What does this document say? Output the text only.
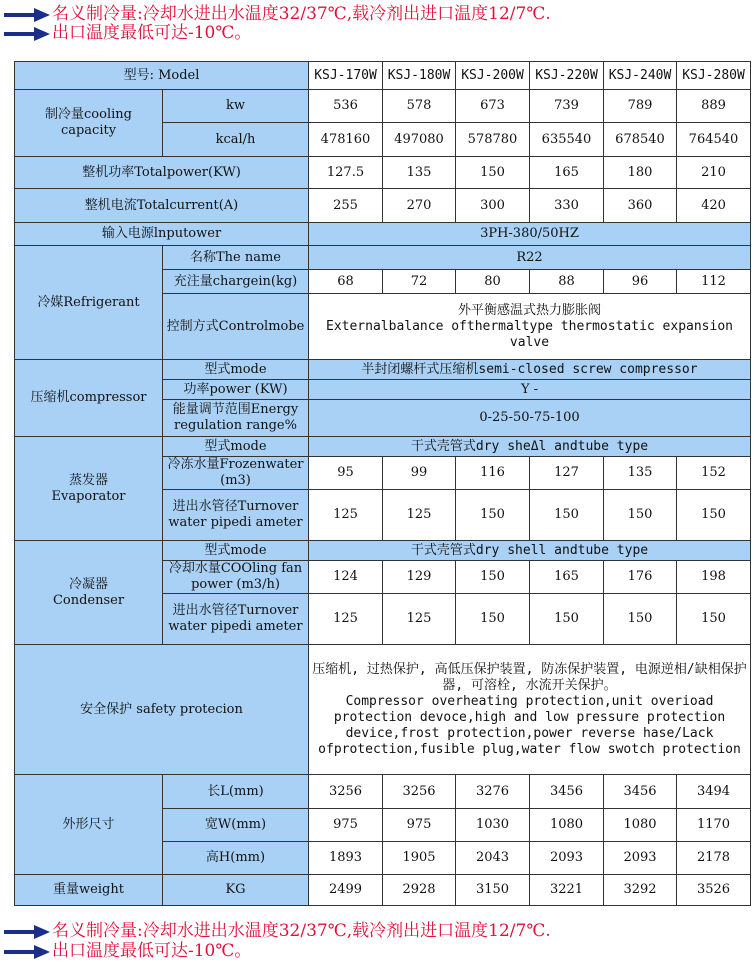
名义制冷量:冷却水进出水温度32/37℃,载冷剂出进口温度12/7℃.
出口温度最低可达-10℃。
型号: Model		KSJ-170W	KSJ-180W	KSJ-200W	KSJ-220W	KSJ-240W	KSJ-280W
制冷量cooling capacity	kw	536	578	673	739	789	889
	kcal/h	478160	497080	578780	635540	678540	764540
整机功率Totalpower(KW)		127.5	135	150	165	180	210
整机电流Totalcurrent(A)		255	270	300	330	360	420
输入电源lnputower		3PH-380/50HZ					
冷媒Refrigerant	名称The name	R22					
	充注量chargein(kg)	68	72	80	88	96	112
	控制方式Controlmobe	外平衡感温式热力膨胀阀
Externalbalance ofthermaltype thermostatic expansion valve					

压缩机compressor	型式mode	半封闭螺杆式压缩机semi-closed screw compressor					
	功率power (KW)	Y -					
	能量调节范围Energy regulation range%	0-25-50-75-100					

蒸发器
Evaporator	型式mode	干式壳管式dry sheΔl andtube type					
	冷冻水量Frozenwater (m3)	95	99	116	127	135	152
	进出水管径Turnover water pipedi ameter	125	125	150	150	150	150

冷凝器
Condenser	型式mode	干式壳管式dry shell andtube type					
	冷却水量COOling fan power (m3/h)	124	129	150	165	176	198
	进出水管径Turnover water pipedi ameter	125	125	150	150	150	150
安全保护 safety protecion		压缩机, 过热保护, 高低压保护装置, 防冻保护装置, 电源逆相/缺相保护器, 可溶栓, 水流开关保护。
Compressor overheating protection,unit overioad protection devoce,high and low pressure protection device,frost protection,power reverse hase/Lack ofprotection,fusible plug,water flow swotch protection					

外形尺寸	长L(mm)	3256	3256	3276	3456	3456	3494
	宽W(mm)	975	975	1030	1080	1080	1170
	高H(mm)	1893	1905	2043	2093	2093	2178
重量weight	KG	2499	2928	3150	3221	3292	3526
名义制冷量:冷却水进出水温度32/37℃,载冷剂出进口温度12/7℃.
出口温度最低可达-10℃。
